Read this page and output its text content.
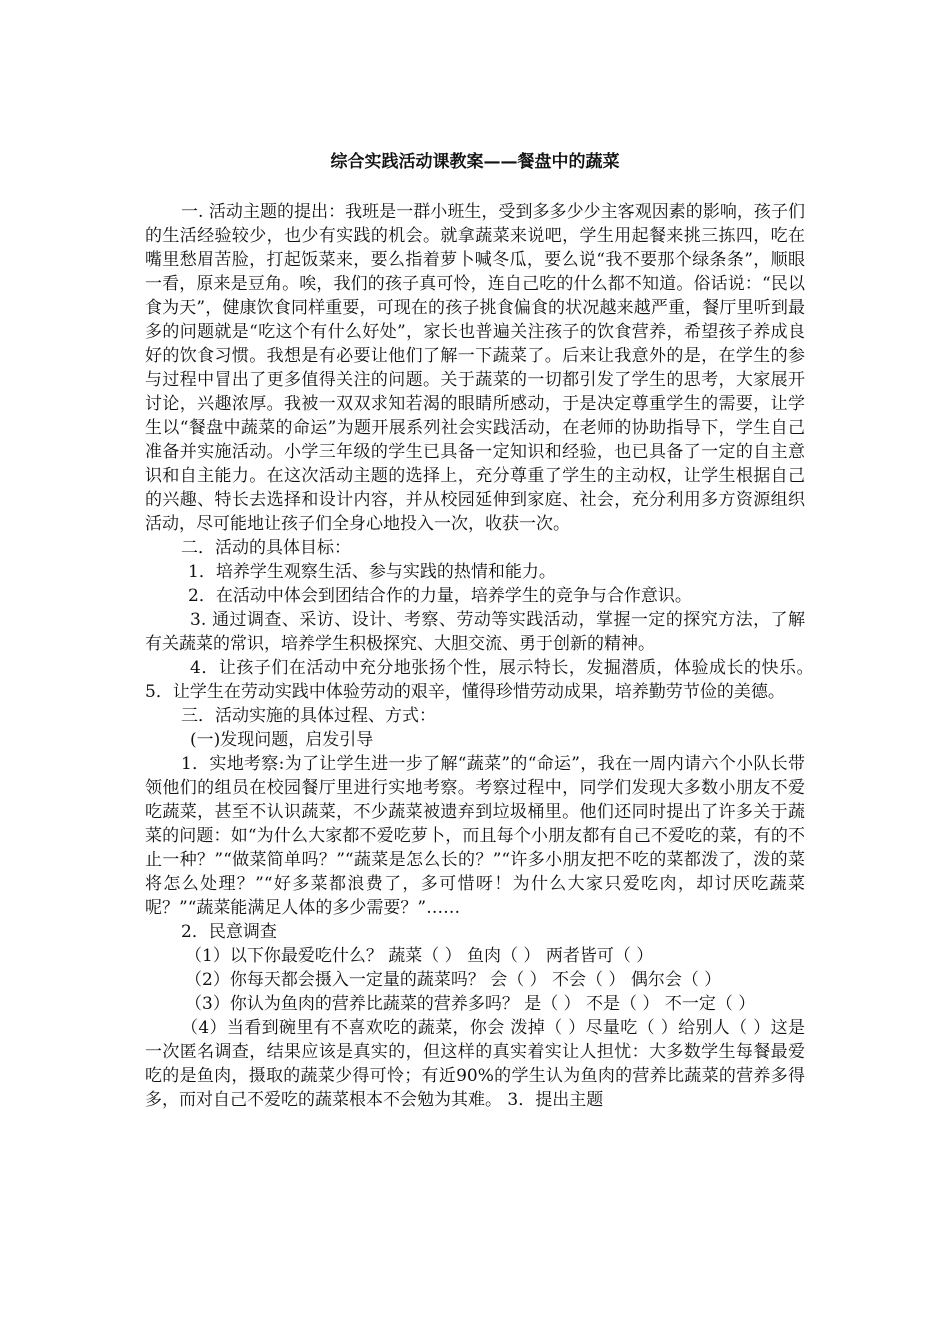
综合实践活动课教案——餐盘中的蔬菜

一. 活动主题的提出：我班是一群小班生，受到多多少少主客观因素的影响，孩子们的生活经验较少，也少有实践的机会。就拿蔬菜来说吧，学生用起餐来挑三拣四，吃在嘴里愁眉苦脸，打起饭菜来，要么指着萝卜喊冬瓜，要么说“我不要那个绿条条”，顺眼一看，原来是豆角。唉，我们的孩子真可怜，连自己吃的什么都不知道。俗话说：“民以食为天”，健康饮食同样重要，可现在的孩子挑食偏食的状况越来越严重，餐厅里听到最多的问题就是“吃这个有什么好处”，家长也普遍关注孩子的饮食营养，希望孩子养成良好的饮食习惯。我想是有必要让他们了解一下蔬菜了。后来让我意外的是，在学生的参与过程中冒出了更多值得关注的问题。关于蔬菜的一切都引发了学生的思考，大家展开讨论，兴趣浓厚。我被一双双求知若渴的眼睛所感动，于是决定尊重学生的需要，让学生以“餐盘中蔬菜的命运”为题开展系列社会实践活动，在老师的协助指导下，学生自己准备并实施活动。小学三年级的学生已具备一定知识和经验，也已具备了一定的自主意识和自主能力。在这次活动主题的选择上，充分尊重了学生的主动权，让学生根据自己的兴趣、特长去选择和设计内容，并从校园延伸到家庭、社会，充分利用多方资源组织活动，尽可能地让孩子们全身心地投入一次，收获一次。

二．活动的具体目标：

1．培养学生观察生活、参与实践的热情和能力。

2．在活动中体会到团结合作的力量，培养学生的竞争与合作意识。

3. 通过调查、采访、设计、考察、劳动等实践活动，掌握一定的探究方法，了解有关蔬菜的常识，培养学生积极探究、大胆交流、勇于创新的精神。

4．让孩子们在活动中充分地张扬个性，展示特长，发掘潜质，体验成长的快乐。　5．让学生在劳动实践中体验劳动的艰辛，懂得珍惜劳动成果，培养勤劳节俭的美德。

三．活动实施的具体过程、方式：

(一)发现问题，启发引导

1．实地考察:为了让学生进一步了解“蔬菜”的“命运”，我在一周内请六个小队长带领他们的组员在校园餐厅里进行实地考察。考察过程中，同学们发现大多数小朋友不爱吃蔬菜，甚至不认识蔬菜，不少蔬菜被遗弃到垃圾桶里。他们还同时提出了许多关于蔬菜的问题：如“为什么大家都不爱吃萝卜，而且每个小朋友都有自己不爱吃的菜，有的不止一种？”“做菜简单吗？”“蔬菜是怎么长的？”“许多小朋友把不吃的菜都泼了，泼的菜将怎么处理？”“好多菜都浪费了，多可惜呀！为什么大家只爱吃肉，却讨厌吃蔬菜呢？”“蔬菜能满足人体的多少需要？”……

2．民意调查

（1）以下你最爱吃什么？ 蔬菜（ ） 鱼肉（ ） 两者皆可（ ）

（2）你每天都会摄入一定量的蔬菜吗？ 会（ ） 不会（ ） 偶尔会（ ）

（3）你认为鱼肉的营养比蔬菜的营养多吗？ 是（ ） 不是（ ） 不一定（ ）

（4）当看到碗里有不喜欢吃的蔬菜，你会 泼掉（ ）尽量吃（ ）给别人（ ）这是一次匿名调查，结果应该是真实的，但这样的真实着实让人担忧：大多数学生每餐最爱吃的是鱼肉，摄取的蔬菜少得可怜；有近90%的学生认为鱼肉的营养比蔬菜的营养多得多，而对自己不爱吃的蔬菜根本不会勉为其难。 3．提出主题
